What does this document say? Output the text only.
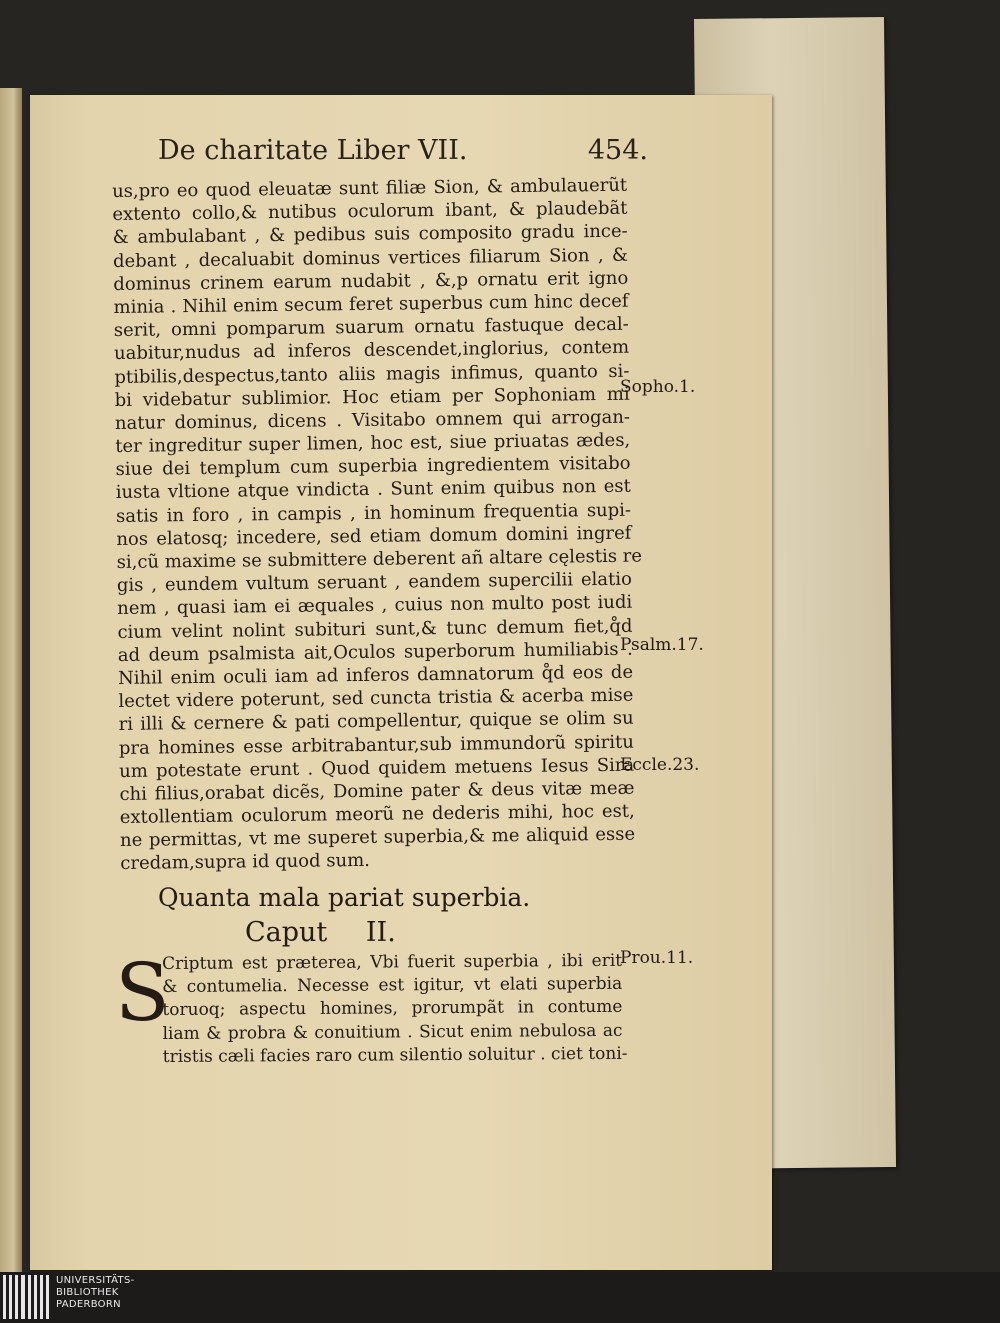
De charitate Liber VII.	454.
us,pro eo quod eleuatæ sunt filiæ Sion, & ambulauerũt
extento collo,& nutibus oculorum ibant, & plaudebãt
& ambulabant , & pedibus suis composito gradu ince-
debant , decaluabit dominus vertices filiarum Sion , &
dominus crinem earum nudabit , &,p ornatu erit igno
minia . Nihil enim secum feret superbus cum hinc decef
serit, omni pomparum suarum ornatu fastuque decal-
uabitur,nudus ad inferos descendet,inglorius, contem
ptibilis,despectus,tanto aliis magis infimus, quanto si-
bi videbatur sublimior. Hoc etiam per Sophoniam mi
natur dominus, dicens . Visitabo omnem qui arrogan-
ter ingreditur super limen, hoc est, siue priuatas ædes,
siue dei templum cum superbia ingredientem visitabo
iusta vltione atque vindicta . Sunt enim quibus non est
satis in foro , in campis , in hominum frequentia supi-
nos elatosq; incedere, sed etiam domum domini ingref
si,cũ maxime se submittere deberent añ altare cęlestis re
gis , eundem vultum seruant , eandem supercilii elatio
nem , quasi iam ei æquales , cuius non multo post iudi
cium velint nolint subituri sunt,& tunc demum fiet,q̊d
ad deum psalmista ait,Oculos superborum humiliabis .
Nihil enim oculi iam ad inferos damnatorum q̊d eos de
lectet videre poterunt, sed cuncta tristia & acerba mise
ri illi & cernere & pati compellentur, quique se olim su
pra homines esse arbitrabantur,sub immundorũ spiritu
um potestate erunt . Quod quidem metuens Iesus Sira
chi filius,orabat dicẽs, Domine pater & deus vitæ meæ
extollentiam oculorum meorũ ne dederis mihi, hoc est,
ne permittas, vt me superet superbia,& me aliquid esse
credam,supra id quod sum.
Quanta mala pariat superbia.
Caput II.
S
Criptum est præterea, Vbi fuerit superbia , ibi erit
& contumelia. Necesse est igitur, vt elati superbia
toruoq; aspectu homines, prorumpãt in contume
liam & probra & conuitium . Sicut enim nebulosa ac
tristis cæli facies raro cum silentio soluitur . ciet toni-
Sopho.1.
Psalm.17.
Eccle.23.
Prou.11.
UNIVERSITÄTS-
BIBLIOTHEK
PADERBORN
